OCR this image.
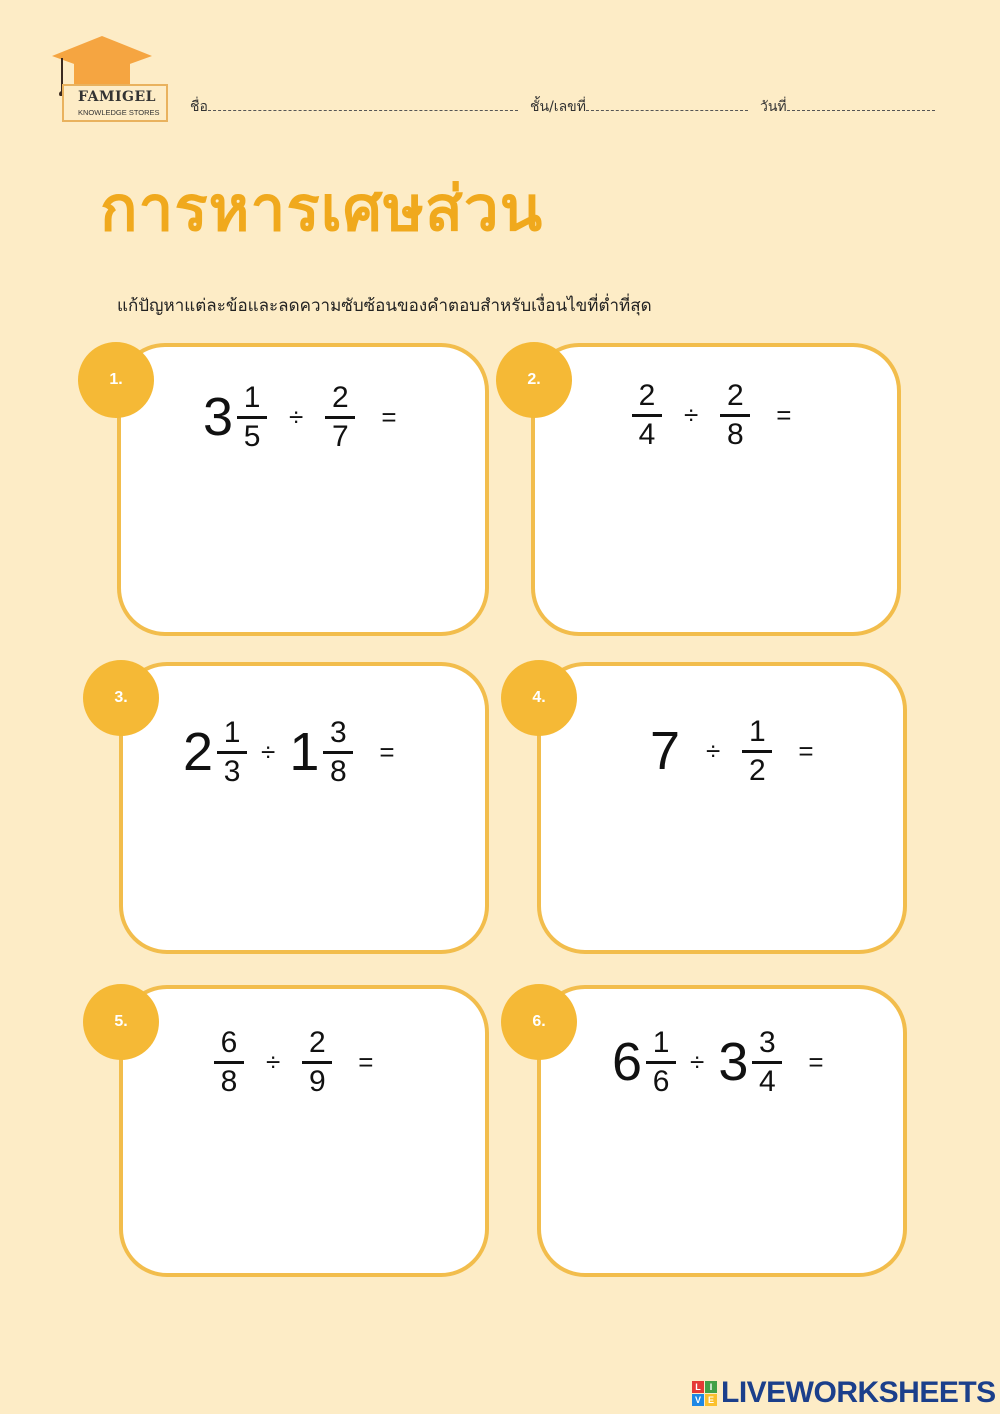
FAMIGEL
KNOWLEDGE STORES ชื่อ	ชั้น/เลขที่	วันที่
การหารเศษส่วน
แก้ปัญหาแต่ละข้อและลดความซับซ้อนของคำตอบสำหรับเงื่อนไขที่ต่ำที่สุด
1.
$3 \frac{1}{5} \div \frac{2}{7}$ =
2.
$\frac{2}{4} \div \frac{2}{8}$ =
3.
$2 \frac{1}{3} \div 1 \frac{3}{8}$ =
4.
$7 \div \frac{1}{2}$ =
5.
$\frac{6}{8} \div \frac{2}{9}$ =
6.
$6 \frac{1}{6} \div 3 \frac{3}{4}$ =
L I
V E LIVEWORKSHEETS
